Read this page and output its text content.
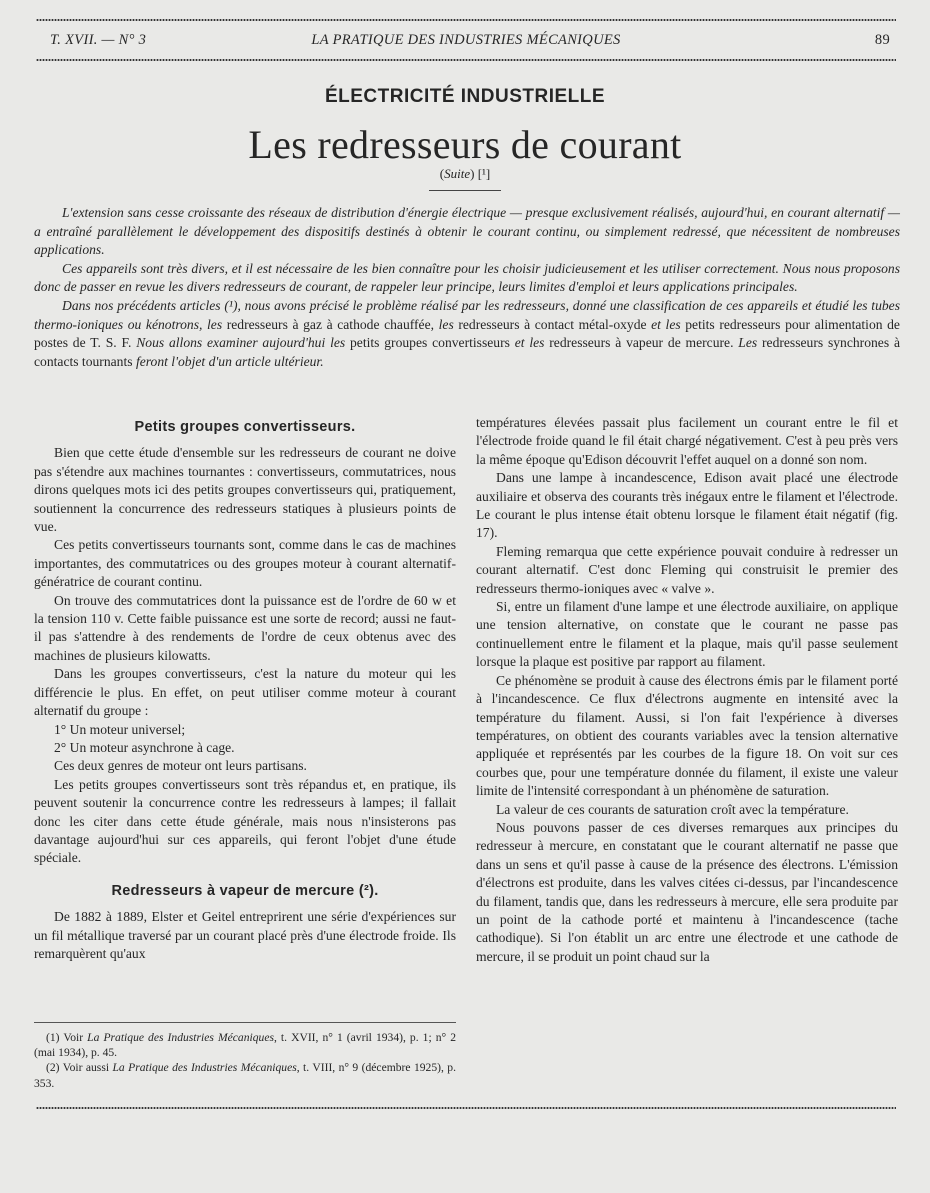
T. XVII. — N° 3	LA PRATIQUE DES INDUSTRIES MÉCANIQUES	89
ÉLECTRICITÉ INDUSTRIELLE
Les redresseurs de courant
(Suite) [¹]

L'extension sans cesse croissante des réseaux de distribution d'énergie électrique — presque exclusivement réalisés, aujourd'hui, en courant alternatif — a entraîné parallèlement le développement des dispositifs destinés à obtenir le courant continu, ou simplement redressé, que nécessitent de nombreuses applications.

Ces appareils sont très divers, et il est nécessaire de les bien connaître pour les choisir judicieusement et les utiliser correctement. Nous nous proposons donc de passer en revue les divers redresseurs de courant, de rappeler leur principe, leurs limites d'emploi et leurs applications principales.

Dans nos précédents articles (¹), nous avons précisé le problème réalisé par les redresseurs, donné une classification de ces appareils et étudié les tubes thermo-ioniques ou kénotrons, les redresseurs à gaz à cathode chauffée, les redresseurs à contact métal-oxyde et les petits redresseurs pour alimentation de postes de T. S. F. Nous allons examiner aujourd'hui les petits groupes convertisseurs et les redresseurs à vapeur de mercure. Les redresseurs synchrones à contacts tournants feront l'objet d'un article ultérieur.

Petits groupes convertisseurs.

Bien que cette étude d'ensemble sur les redresseurs de courant ne doive pas s'étendre aux machines tournantes : convertisseurs, commutatrices, nous dirons quelques mots ici des petits groupes convertisseurs qui, pratiquement, soutiennent la concurrence des redresseurs statiques à plusieurs points de vue.

Ces petits convertisseurs tournants sont, comme dans le cas de machines importantes, des commutatrices ou des groupes moteur à courant alternatif-génératrice de courant continu.

On trouve des commutatrices dont la puissance est de l'ordre de 60 w et la tension 110 v. Cette faible puissance est une sorte de record; aussi ne faut-il pas s'attendre à des rendements de l'ordre de ceux obtenus avec des machines de plusieurs kilowatts.

Dans les groupes convertisseurs, c'est la nature du moteur qui les différencie le plus. En effet, on peut utiliser comme moteur à courant alternatif du groupe :

1° Un moteur universel;

2° Un moteur asynchrone à cage.

Ces deux genres de moteur ont leurs partisans.

Les petits groupes convertisseurs sont très répandus et, en pratique, ils peuvent soutenir la concurrence contre les redresseurs à lampes; il fallait donc les citer dans cette étude générale, mais nous n'insisterons pas davantage aujourd'hui sur ces appareils, qui feront l'objet d'une étude spéciale.

Redresseurs à vapeur de mercure (²).

De 1882 à 1889, Elster et Geitel entreprirent une série d'expériences sur un fil métallique traversé par un courant placé près d'une électrode froide. Ils remarquèrent qu'aux

(1) Voir La Pratique des Industries Mécaniques, t. XVII, n° 1 (avril 1934), p. 1; n° 2 (mai 1934), p. 45.

(2) Voir aussi La Pratique des Industries Mécaniques, t. VIII, n° 9 (décembre 1925), p. 353.

températures élevées passait plus facilement un courant entre le fil et l'électrode froide quand le fil était chargé négativement. C'est à peu près vers la même époque qu'Edison découvrit l'effet auquel on a donné son nom.

Dans une lampe à incandescence, Edison avait placé une électrode auxiliaire et observa des courants très inégaux entre le filament et l'électrode. Le courant le plus intense était obtenu lorsque le filament était négatif (fig. 17).

Fleming remarqua que cette expérience pouvait conduire à redresser un courant alternatif. C'est donc Fleming qui construisit le premier des redresseurs thermo-ioniques avec « valve ».

Si, entre un filament d'une lampe et une électrode auxiliaire, on applique une tension alternative, on constate que le courant ne passe pas continuellement entre le filament et la plaque, mais qu'il passe seulement lorsque la plaque est positive par rapport au filament.

Ce phénomène se produit à cause des électrons émis par le filament porté à l'incandescence. Ce flux d'électrons augmente en intensité avec la température du filament. Aussi, si l'on fait l'expérience à diverses températures, on obtient des courants variables avec la tension alternative appliquée et représentés par les courbes de la figure 18. On voit sur ces courbes que, pour une température donnée du filament, il existe une valeur limite de l'intensité correspondant à un phénomène de saturation.

La valeur de ces courants de saturation croît avec la température.

Nous pouvons passer de ces diverses remarques aux principes du redresseur à mercure, en constatant que le courant alternatif ne passe que dans un sens et qu'il passe à cause de la présence des électrons. L'émission d'électrons est produite, dans les valves citées ci-dessus, par l'incandescence du filament, tandis que, dans les redresseurs à mercure, elle sera produite par un point de la cathode porté et maintenu à l'incandescence (tache cathodique). Si l'on établit un arc entre une électrode et une cathode de mercure, il se produit un point chaud sur la
